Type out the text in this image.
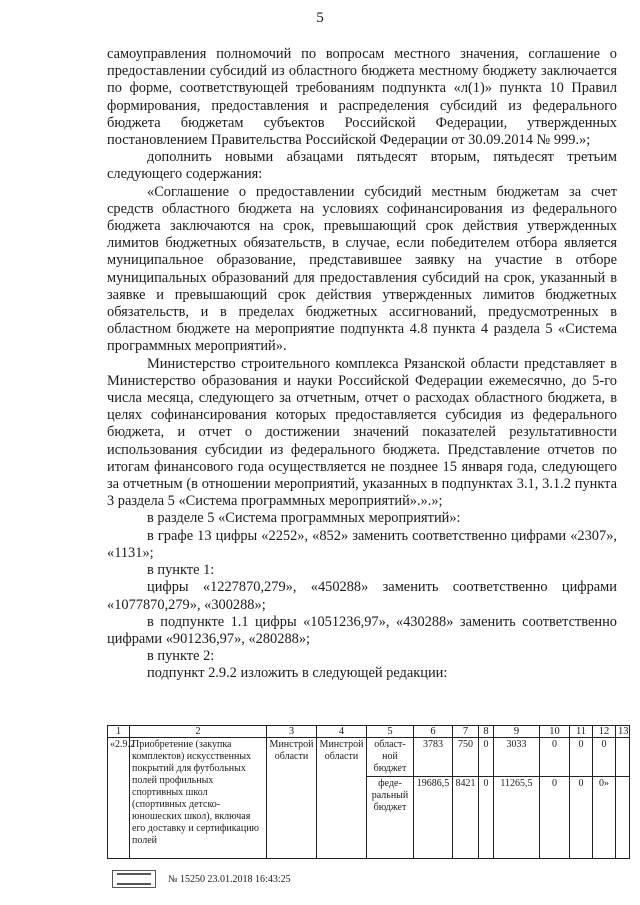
5

самоуправления полномочий по вопросам местного значения, соглашение о предоставлении субсидий из областного бюджета местному бюджету заключается по форме, соответствующей требованиям подпункта «л(1)» пункта 10 Правил формирования, предоставления и распределения субсидий из федерального бюджета бюджетам субъектов Российской Федерации, утвержденных постановлением Правительства Российской Федерации от 30.09.2014 № 999.»;

дополнить новыми абзацами пятьдесят вторым, пятьдесят третьим следующего содержания:

«Соглашение о предоставлении субсидий местным бюджетам за счет средств областного бюджета на условиях софинансирования из федерального бюджета заключаются на срок, превышающий срок действия утвержденных лимитов бюджетных обязательств, в случае, если победителем отбора является муниципальное образование, представившее заявку на участие в отборе муниципальных образований для предоставления субсидий на срок, указанный в заявке и превышающий срок действия утвержденных лимитов бюджетных обязательств, и в пределах бюджетных ассигнований, предусмотренных в областном бюджете на мероприятие подпункта 4.8 пункта 4 раздела 5 «Система программных мероприятий».

Министерство строительного комплекса Рязанской области представляет в Министерство образования и науки Российской Федерации ежемесячно, до 5-го числа месяца, следующего за отчетным, отчет о расходах областного бюджета, в целях софинансирования которых предоставляется субсидия из федерального бюджета, и отчет о достижении значений показателей результативности использования субсидии из федерального бюджета. Представление отчетов по итогам финансового года осуществляется не позднее 15 января года, следующего за отчетным (в отношении мероприятий, указанных в подпунктах 3.1, 3.1.2 пункта 3 раздела 5 «Система программных мероприятий».».»;

в разделе 5 «Система программных мероприятий»:

в графе 13 цифры «2252», «852» заменить соответственно цифрами «2307», «1131»;

в пункте 1:

цифры «1227870,279», «450288» заменить соответственно цифрами «1077870,279», «300288»;

в подпункте 1.1 цифры «1051236,97», «430288» заменить соответственно цифрами «901236,97», «280288»;

в пункте 2:

подпункт 2.9.2 изложить в следующей редакции:

1	2	3	4	5	6	7	8	9	10	11	12	13
«2.9.2	Приобретение (закупка комплектов) искусственных покрытий для футбольных полей профильных спортивных школ (спортивных детско-юношеских школ), включая его доставку и сертификацию полей	Минстрой области	Минстрой области	област-ной бюджет	3783	750	0	3033	0	0	0	
				феде-ральный бюджет	19686,5	8421	0	11265,5	0	0	0»	
№ 15250 23.01.2018 16:43:25
